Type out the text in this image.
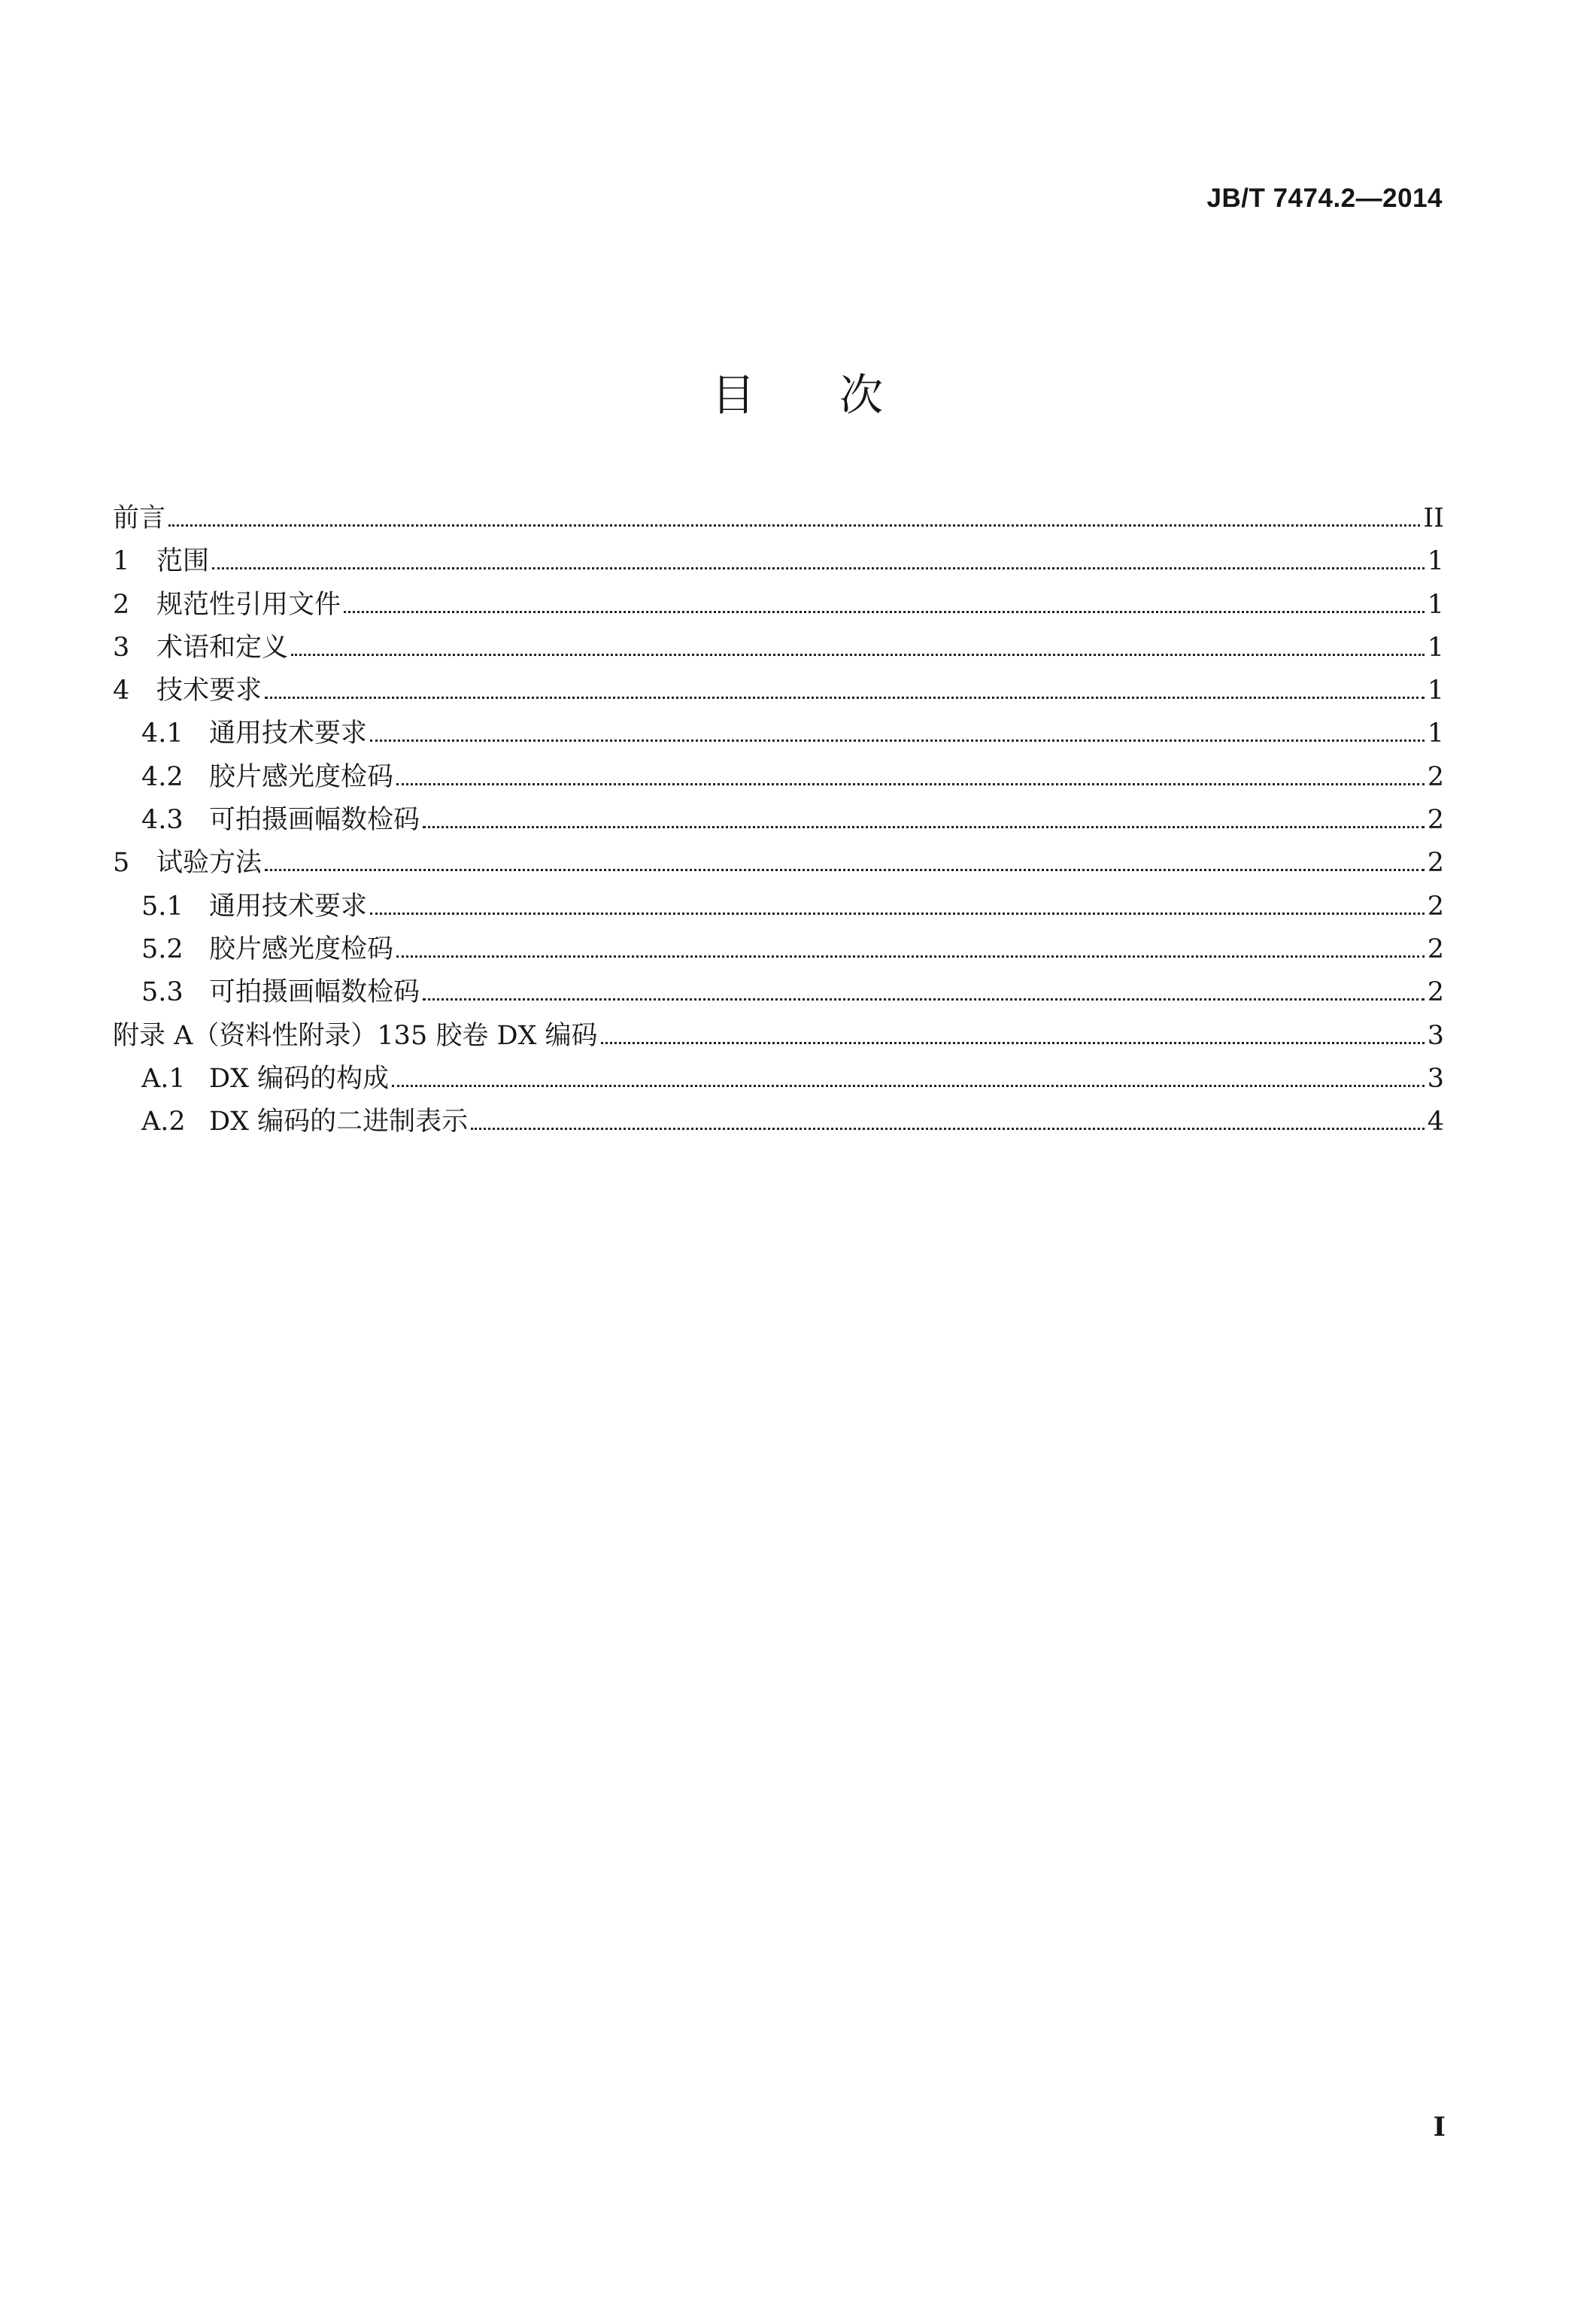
JB/T 7474.2—2014
目 次
前言	II
1	范围	1
2	规范性引用文件	1
3	术语和定义	1
4	技术要求	1
4.1 通用技术要求	1
4.2 胶片感光度检码	2
4.3 可拍摄画幅数检码	2
5	试验方法	2
5.1 通用技术要求	2
5.2 胶片感光度检码	2
5.3 可拍摄画幅数检码	2
附录 A（资料性附录）135 胶卷 DX 编码	3
A.1 DX 编码的构成	3
A.2 DX 编码的二进制表示	4
I
